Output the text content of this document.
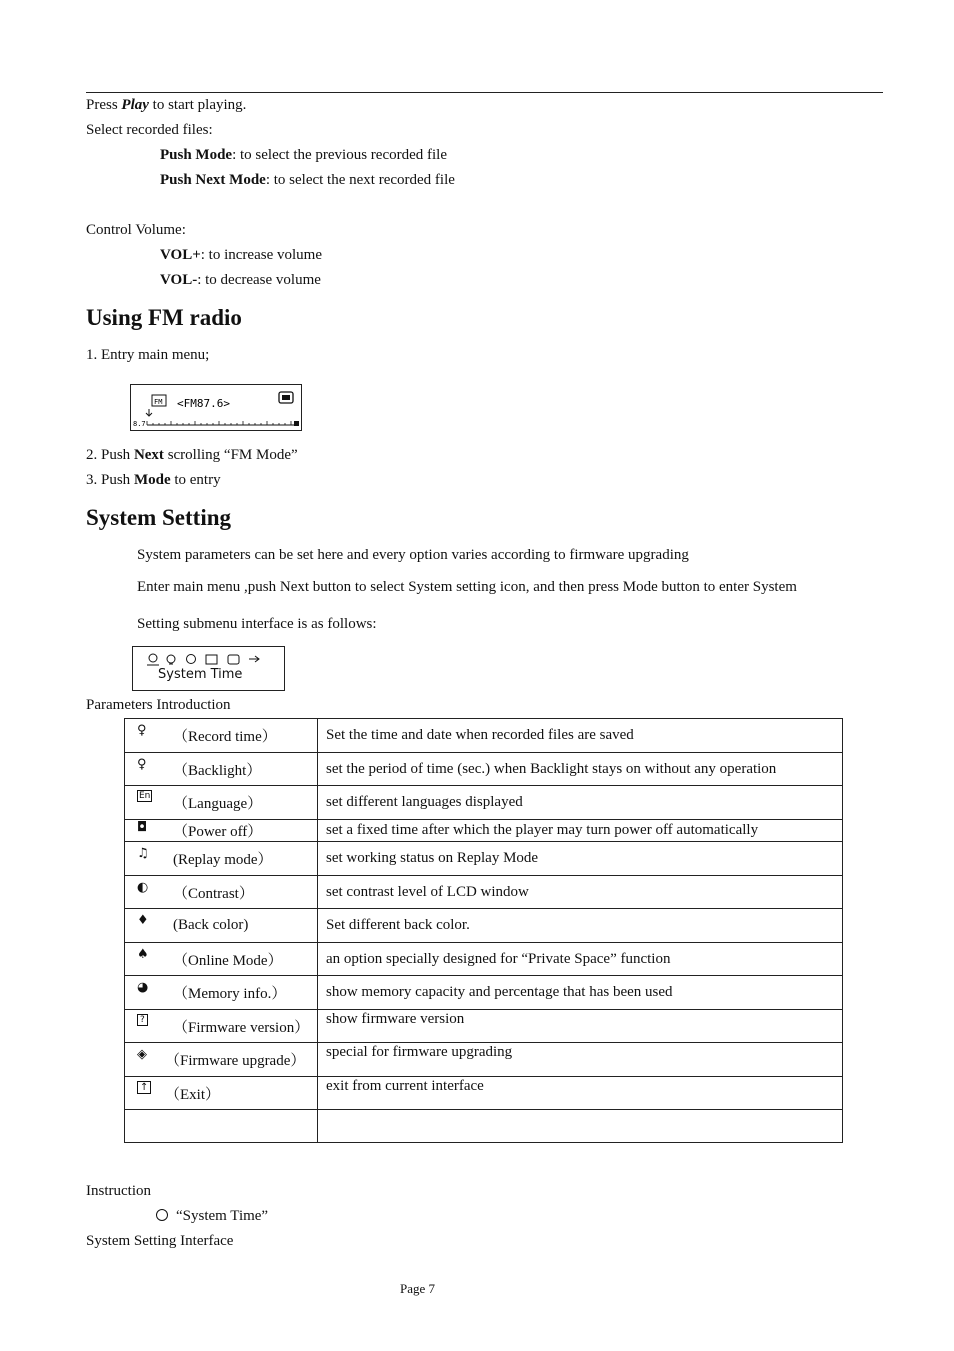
Press Play to start playing.
Select recorded files:
Push Mode: to select the previous recorded file
Push Next Mode: to select the next recorded file
Control Volume:
VOL+: to increase volume
VOL-: to decrease volume
Using FM radio
1. Entry main menu;
FM <FM87.6>
8.7
2. Push Next scrolling “FM Mode”
3. Push Mode to entry
System Setting
System parameters can be set here and every option varies according to firmware upgrading
Enter main menu ,push Next button to select System setting icon, and then press Mode button to enter System
Setting submenu interface is as follows:
System Time
Parameters Introduction
♀ （Record time）	Set the time and date when recorded files are saved

♀ （Backlight）	set the period of time (sec.) when Backlight stays on without any operation

En （Language）	set different languages displayed

◘ （Power off）	set a fixed time after which the player may turn power off automatically

♫ (Replay mode）	set working status on Replay Mode

◐ （Contrast）	set contrast level of LCD window

♦ (Back color)	Set different back color.

♠ （Online Mode）	an option specially designed for “Private Space” function

◕ （Memory info.）	show memory capacity and percentage that has been used

? （Firmware version）	show firmware version

◈ （Firmware upgrade）	special for firmware upgrading

↑ （Exit）	exit from current interface

Instruction
“System Time”
System Setting Interface
Page 7
